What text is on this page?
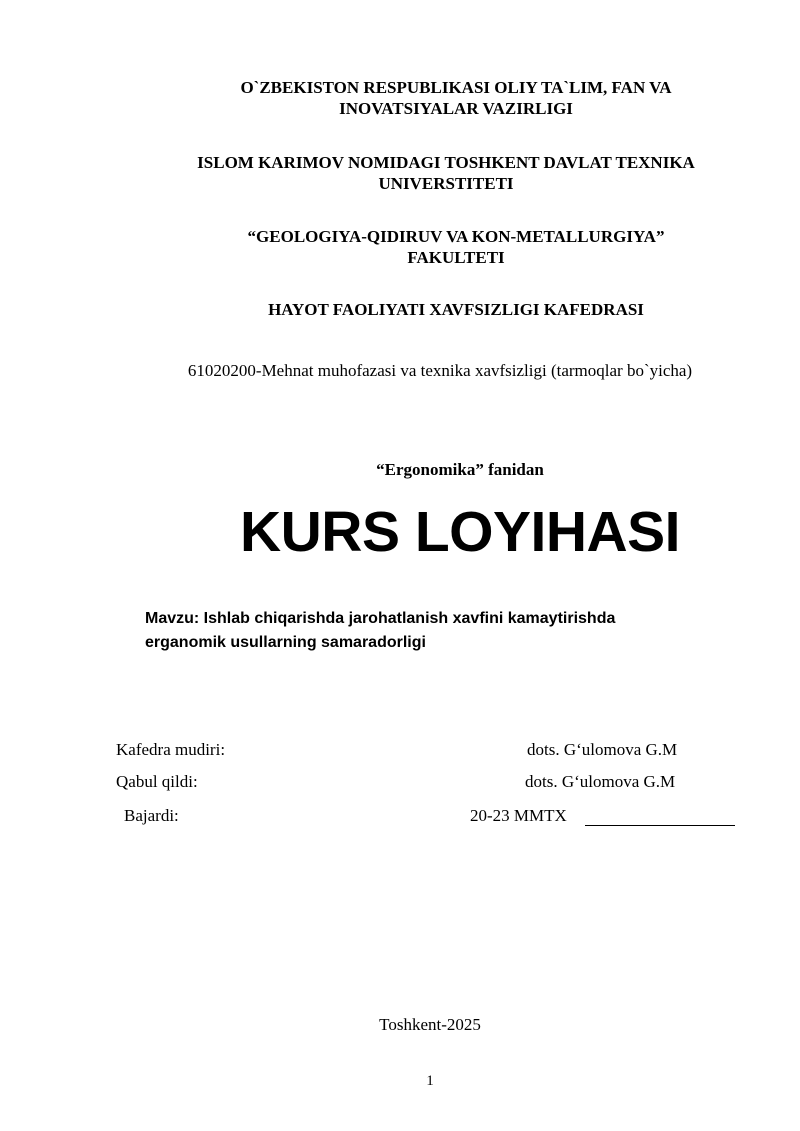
O`ZBEKISTON RESPUBLIKASI OLIY TA`LIM, FAN VA
INOVATSIYALAR VAZIRLIGI
ISLOM KARIMOV NOMIDAGI TOSHKENT DAVLAT TEXNIKA
UNIVERSTITETI
“GEOLOGIYA-QIDIRUV VA KON-METALLURGIYA”
FAKULTETI
HAYOT FAOLIYATI XAVFSIZLIGI KAFEDRASI
61020200-Mehnat muhofazasi va texnika xavfsizligi (tarmoqlar bo`yicha)
“Ergonomika” fanidan
KURS LOYIHASI
Mavzu: Ishlab chiqarishda jarohatlanish xavfini kamaytirishda
erganomik usullarning samaradorligi
Kafedra mudiri:	dots. G‘ulomova G.M
Qabul qildi:	dots. G‘ulomova G.M
Bajardi:	20-23 MMTX
Toshkent-2025
1
